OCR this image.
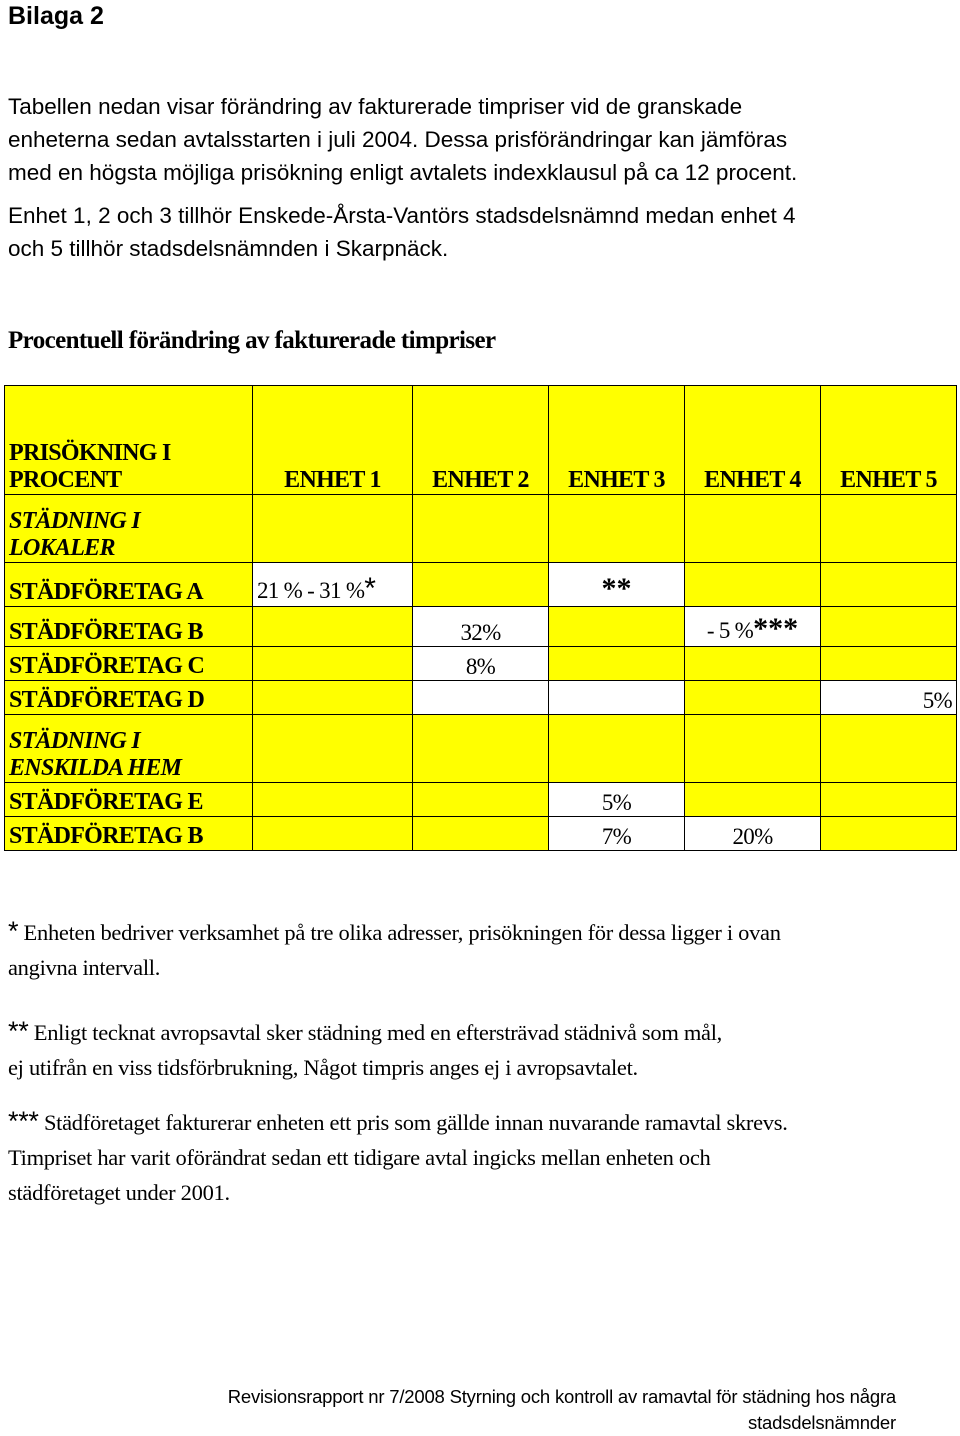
Bilaga 2

Tabellen nedan visar förändring av fakturerade timpriser vid de granskade
enheterna sedan avtalsstarten i juli 2004. Dessa prisförändringar kan jämföras
med en högsta möjliga prisökning enligt avtalets indexklausul på ca 12 procent.

Enhet 1, 2 och 3 tillhör Enskede-Årsta-Vantörs stadsdelsnämnd medan enhet 4
och 5 tillhör stadsdelsnämnden i Skarpnäck.

Procentuell förändring av fakturerade timpriser
PRISÖKNING I
PROCENT	ENHET 1	ENHET 2	ENHET 3	ENHET 4	ENHET 5
STÄDNING I
LOKALER					
STÄDFÖRETAG A	21 % - 31 %*		**		
STÄDFÖRETAG B		32%		- 5 %***	
STÄDFÖRETAG C		8%			
STÄDFÖRETAG D					5%
STÄDNING I
ENSKILDA HEM					
STÄDFÖRETAG E			5%		
STÄDFÖRETAG B			7%	20%	

* Enheten bedriver verksamhet på tre olika adresser, prisökningen för dessa ligger i ovan
angivna intervall.

** Enligt tecknat avropsavtal sker städning med en eftersträvad städnivå som mål,
ej utifrån en viss tidsförbrukning, Något timpris anges ej i avropsavtalet.

*** Städföretaget fakturerar enheten ett pris som gällde innan nuvarande ramavtal skrevs.
Timpriset har varit oförändrat sedan ett tidigare avtal ingicks mellan enheten och
städföretaget under 2001.

Revisionsrapport nr 7/2008 Styrning och kontroll av ramavtal för städning hos några
stadsdelsnämnder
